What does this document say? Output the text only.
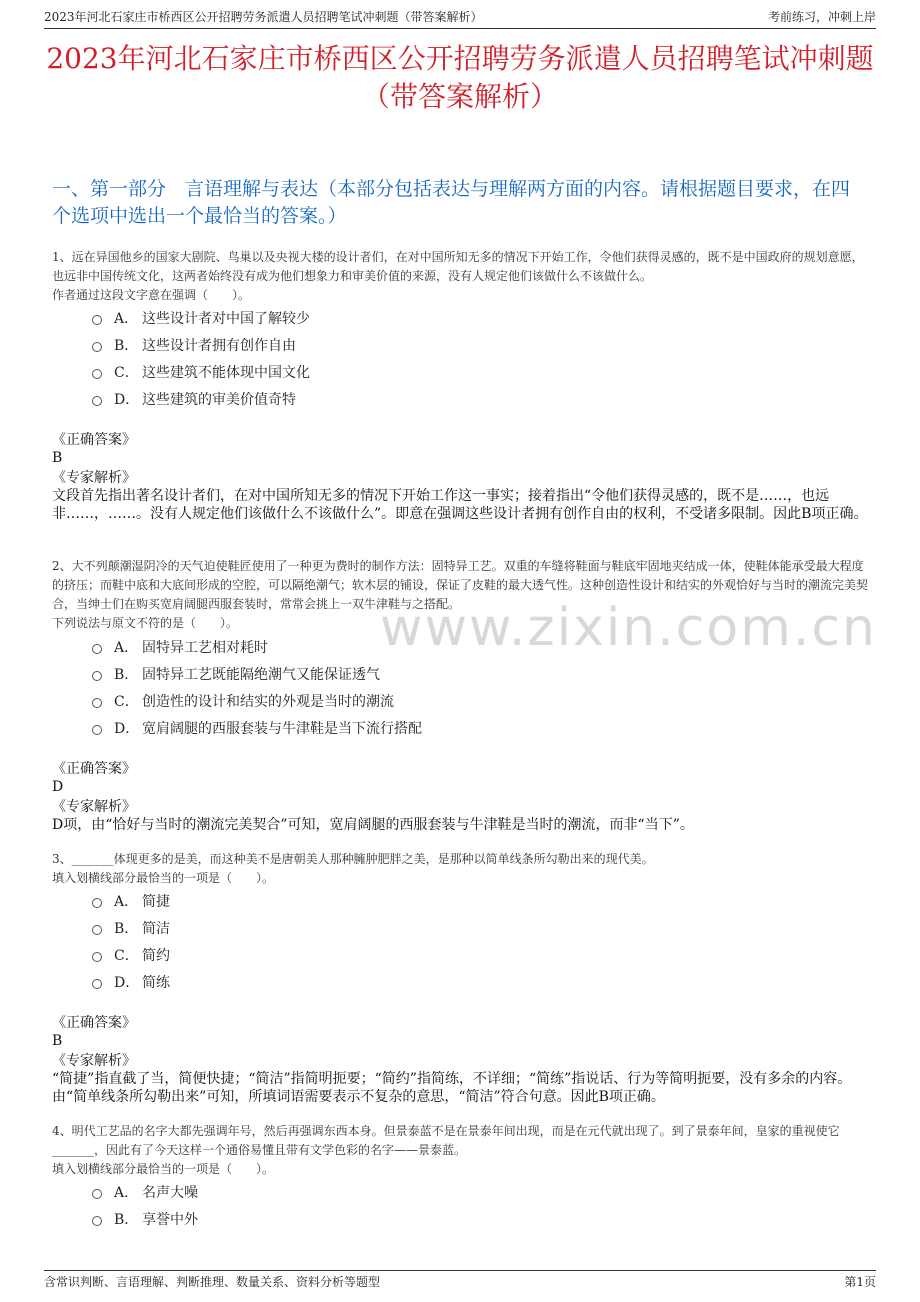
2023年河北石家庄市桥西区公开招聘劳务派遣人员招聘笔试冲刺题（带答案解析）	考前练习，冲刺上岸
2023年河北石家庄市桥西区公开招聘劳务派遣人员招聘笔试冲刺题（带答案解析）
一、第一部分　言语理解与表达（本部分包括表达与理解两方面的内容。请根据题目要求，在四个选项中选出一个最恰当的答案。）
www.zixin.com.cn
1、远在异国他乡的国家大剧院、鸟巢以及央视大楼的设计者们，在对中国所知无多的情况下开始工作，令他们获得灵感的，既不是中国政府的规划意愿，也远非中国传统文化，这两者始终没有成为他们想象力和审美价值的来源，没有人规定他们该做什么不该做什么。
作者通过这段文字意在强调（　　）。
A． 这些设计者对中国了解较少
B． 这些设计者拥有创作自由
C． 这些建筑不能体现中国文化
D． 这些建筑的审美价值奇特
《正确答案》
B
《专家解析》
文段首先指出著名设计者们，在对中国所知无多的情况下开始工作这一事实；接着指出“令他们获得灵感的，既不是……，也远非……，……。没有人规定他们该做什么不该做什么”。即意在强调这些设计者拥有创作自由的权利，不受诸多限制。因此B项正确。
2、大不列颠潮湿阴冷的天气迫使鞋匠使用了一种更为费时的制作方法：固特异工艺。双重的车缝将鞋面与鞋底牢固地夹结成一体，使鞋体能承受最大程度的挤压；而鞋中底和大底间形成的空腔，可以隔绝潮气；软木层的铺设，保证了皮鞋的最大透气性。这种创造性设计和结实的外观恰好与当时的潮流完美契合，当绅士们在购买宽肩阔腿西服套装时，常常会挑上一双牛津鞋与之搭配。
下列说法与原文不符的是（　　）。
A． 固特异工艺相对耗时
B． 固特异工艺既能隔绝潮气又能保证透气
C． 创造性的设计和结实的外观是当时的潮流
D． 宽肩阔腿的西服套装与牛津鞋是当下流行搭配
《正确答案》
D
《专家解析》
D项，由“恰好与当时的潮流完美契合”可知，宽肩阔腿的西服套装与牛津鞋是当时的潮流，而非“当下”。
3、_______体现更多的是美，而这种美不是唐朝美人那种臃肿肥胖之美，是那种以简单线条所勾勒出来的现代美。
填入划横线部分最恰当的一项是（　　）。
A． 简捷
B． 简洁
C． 简约
D． 简练
《正确答案》
B
《专家解析》
“简捷”指直截了当，简便快捷；“简洁”指简明扼要；“简约”指简练，不详细；“简练”指说话、行为等简明扼要，没有多余的内容。由“简单线条所勾勒出来”可知，所填词语需要表示不复杂的意思，“简洁”符合句意。因此B项正确。
4、明代工艺品的名字大都先强调年号，然后再强调东西本身。但景泰蓝不是在景泰年间出现，而是在元代就出现了。到了景泰年间，皇家的重视使它_______，因此有了今天这样一个通俗易懂且带有文学色彩的名字——景泰蓝。
填入划横线部分最恰当的一项是（　　）。
A． 名声大噪
B． 享誉中外
含常识判断、言语理解、判断推理、数量关系、资料分析等题型	第1页
